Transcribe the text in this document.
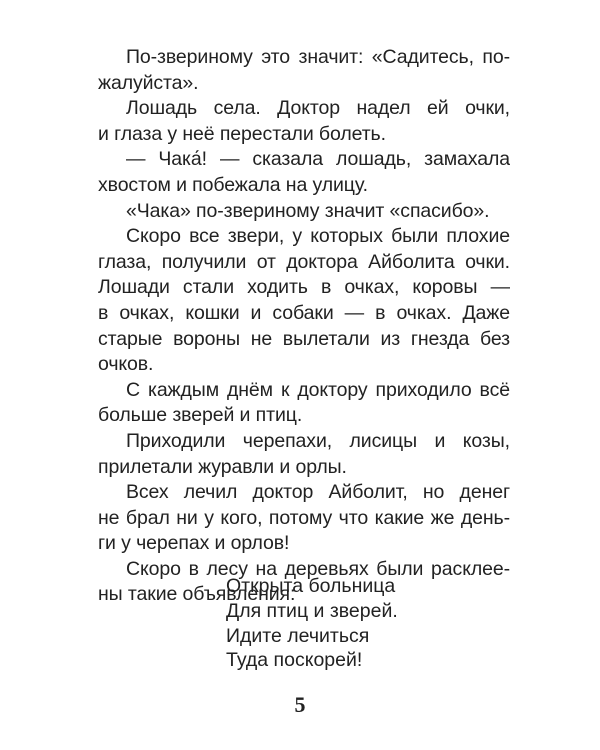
По-звериному это значит: «Садитесь, по-
жалуйста».
Лошадь села. Доктор надел ей очки,
и глаза у неё перестали болеть.
— Чака́! — сказала лошадь, замахала
хвостом и побежала на улицу.
«Чака» по-звериному значит «спасибо».
Скоро все звери, у которых были плохие
глаза, получили от доктора Айболита очки.
Лошади стали ходить в очках, коровы —
в очках, кошки и собаки — в очках. Даже
старые вороны не вылетали из гнезда без
очков.
С каждым днём к доктору приходило всё
больше зверей и птиц.
Приходили черепахи, лисицы и козы,
прилетали журавли и орлы.
Всех лечил доктор Айболит, но денег
не брал ни у кого, потому что какие же день-
ги у черепах и орлов!
Скоро в лесу на деревьях были расклее-
ны такие объявления:
Открыта больница
Для птиц и зверей.
Идите лечиться
Туда поскорей!
5
